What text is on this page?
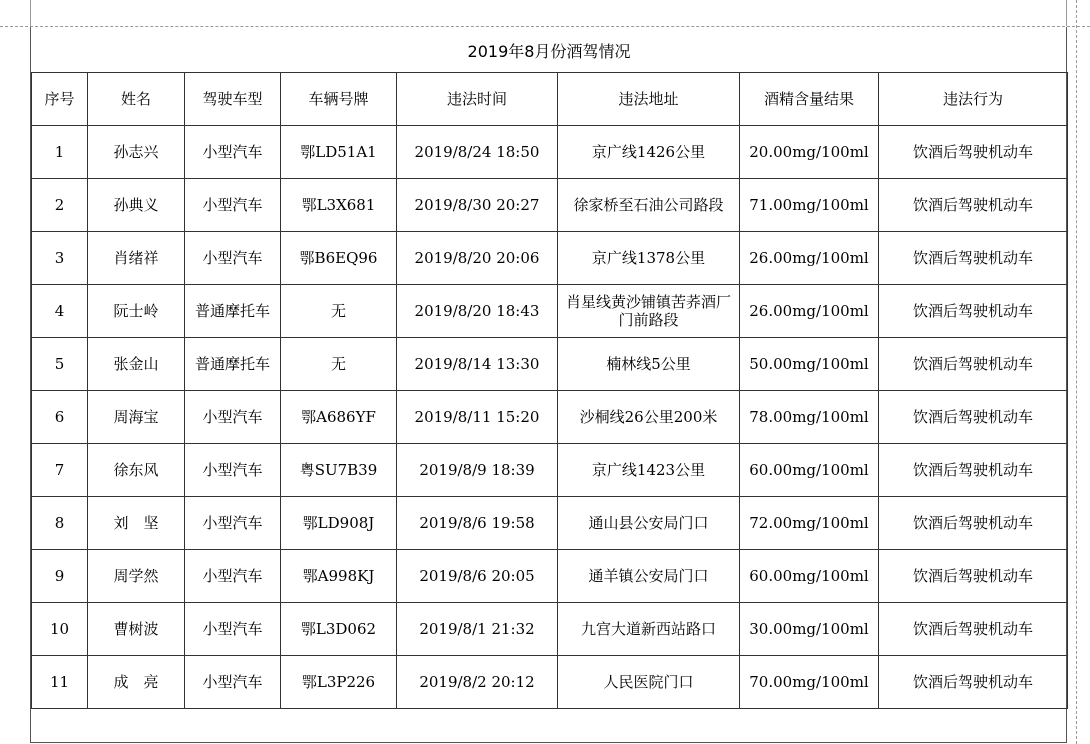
2019年8月份酒驾情况
序号	姓名	驾驶车型	车辆号牌	违法时间	违法地址	酒精含量结果	违法行为
1	孙志兴	小型汽车	鄂LD51A1	2019/8/24 18:50	京广线1426公里	20.00mg/100ml	饮酒后驾驶机动车
2	孙典义	小型汽车	鄂L3X681	2019/8/30 20:27	徐家桥至石油公司路段	71.00mg/100ml	饮酒后驾驶机动车
3	肖绪祥	小型汽车	鄂B6EQ96	2019/8/20 20:06	京广线1378公里	26.00mg/100ml	饮酒后驾驶机动车
4	阮士岭	普通摩托车	无	2019/8/20 18:43	肖星线黄沙铺镇苦荞酒厂门前路段	26.00mg/100ml	饮酒后驾驶机动车
5	张金山	普通摩托车	无	2019/8/14 13:30	楠林线5公里	50.00mg/100ml	饮酒后驾驶机动车
6	周海宝	小型汽车	鄂A686YF	2019/8/11 15:20	沙桐线26公里200米	78.00mg/100ml	饮酒后驾驶机动车
7	徐东风	小型汽车	粤SU7B39	2019/8/9 18:39	京广线1423公里	60.00mg/100ml	饮酒后驾驶机动车
8	刘　坚	小型汽车	鄂LD908J	2019/8/6 19:58	通山县公安局门口	72.00mg/100ml	饮酒后驾驶机动车
9	周学然	小型汽车	鄂A998KJ	2019/8/6 20:05	通羊镇公安局门口	60.00mg/100ml	饮酒后驾驶机动车
10	曹树波	小型汽车	鄂L3D062	2019/8/1 21:32	九宫大道新西站路口	30.00mg/100ml	饮酒后驾驶机动车
11	成　亮	小型汽车	鄂L3P226	2019/8/2 20:12	人民医院门口	70.00mg/100ml	饮酒后驾驶机动车
